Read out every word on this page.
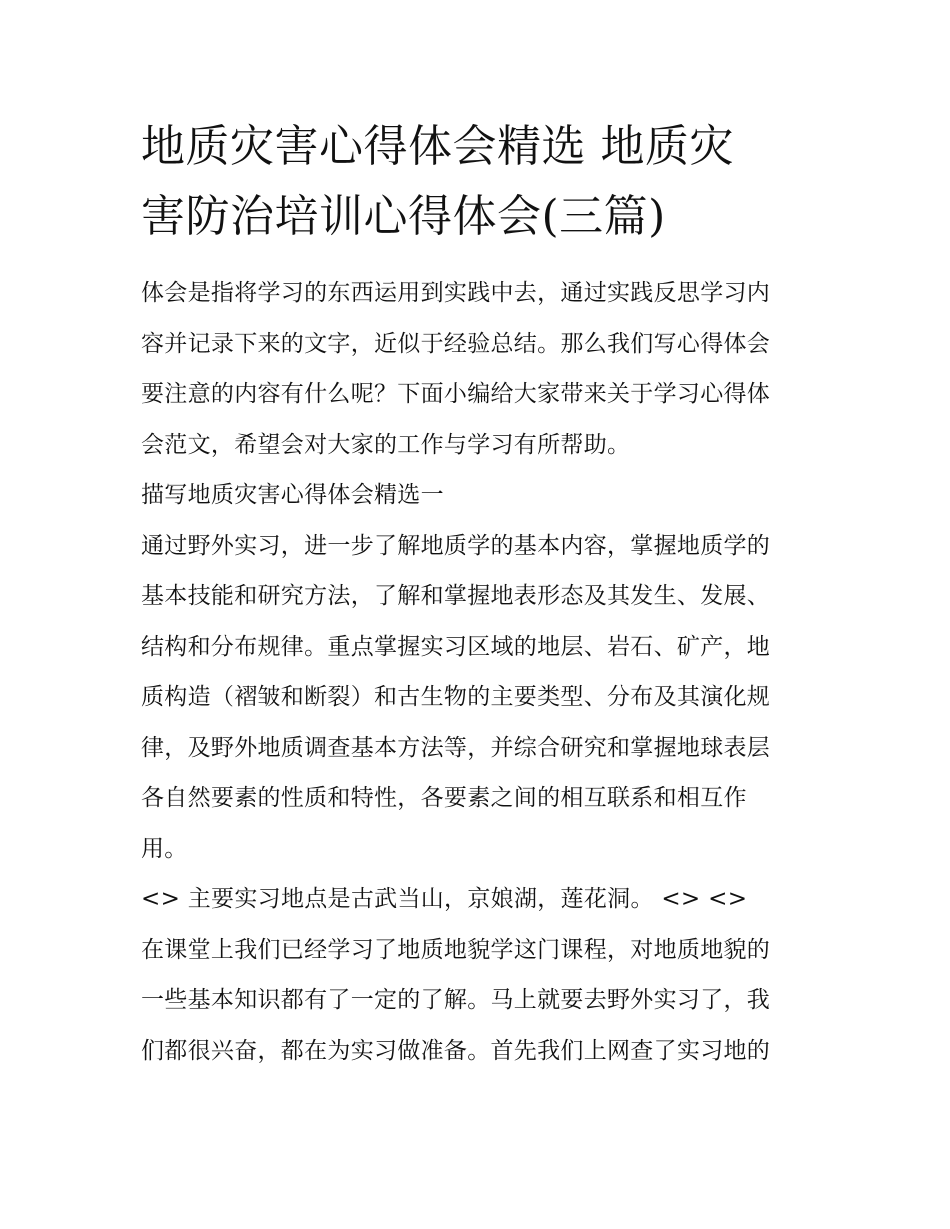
地质灾害心得体会精选 地质灾
害防治培训心得体会(三篇)

体会是指将学习的东西运用到实践中去，通过实践反思学习内
容并记录下来的文字，近似于经验总结。那么我们写心得体会
要注意的内容有什么呢？下面小编给大家带来关于学习心得体
会范文，希望会对大家的工作与学习有所帮助。

描写地质灾害心得体会精选一

通过野外实习，进一步了解地质学的基本内容，掌握地质学的
基本技能和研究方法，了解和掌握地表形态及其发生、发展、
结构和分布规律。重点掌握实习区域的地层、岩石、矿产，地
质构造（褶皱和断裂）和古生物的主要类型、分布及其演化规
律，及野外地质调查基本方法等，并综合研究和掌握地球表层
各自然要素的性质和特性，各要素之间的相互联系和相互作
用。

<> 主要实习地点是古武当山，京娘湖，莲花洞。 <> <>

在课堂上我们已经学习了地质地貌学这门课程，对地质地貌的
一些基本知识都有了一定的了解。马上就要去野外实习了，我
们都很兴奋，都在为实习做准备。首先我们上网查了实习地的
